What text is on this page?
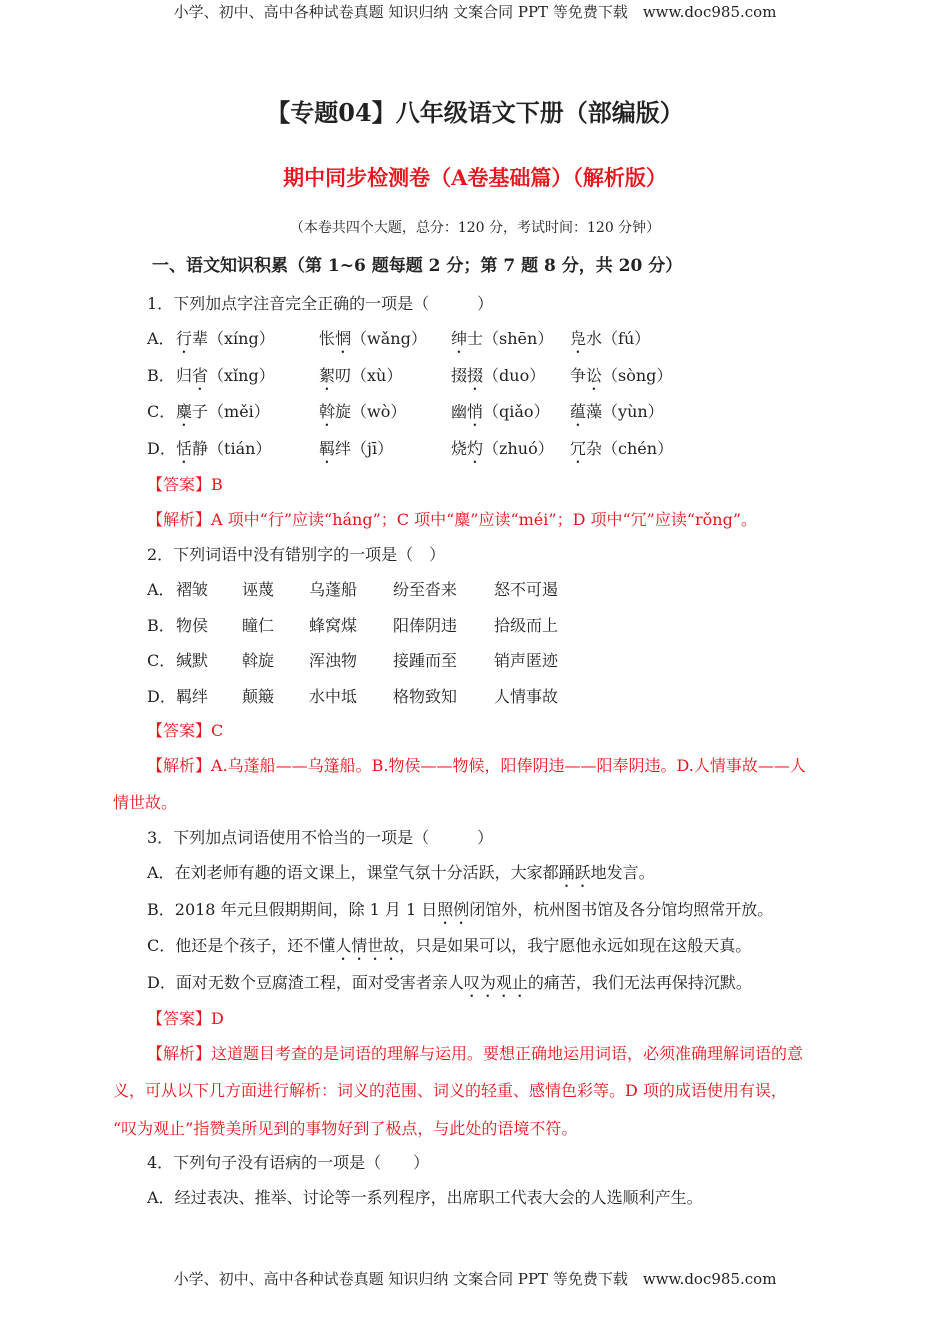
小学、初中、高中各种试卷真题 知识归纳 文案合同 PPT 等免费下载　www.doc985.com
【专题04】八年级语文下册（部编版）
期中同步检测卷（A卷基础篇）（解析版）
（本卷共四个大题，总分：120 分，考试时间：120 分钟）
一、语文知识积累（第 1~6 题每题 2 分；第 7 题 8 分，共 20 分）
1．下列加点字注音完全正确的一项是（　　　）
【答案】B
【解析】A 项中“行”应读“háng”；C 项中“麋”应读“méi”；D 项中“冗”应读“rǒng”。
2．下列词语中没有错别字的一项是（　）
【答案】C
【解析】A.乌蓬船——乌篷船。B.物侯——物候，阳俸阴违——阳奉阴违。D.人情事故——人
情世故。
3．下列加点词语使用不恰当的一项是（　　　）
【答案】D
【解析】这道题目考查的是词语的理解与运用。要想正确地运用词语，必须准确理解词语的意
义，可从以下几方面进行解析：词义的范围、词义的轻重、感情色彩等。D 项的成语使用有误，
“叹为观止”指赞美所见到的事物好到了极点，与此处的语境不符。
4．下列句子没有语病的一项是（　　）
A．经过表决、推举、讨论等一系列程序，出席职工代表大会的人选顺利产生。
小学、初中、高中各种试卷真题 知识归纳 文案合同 PPT 等免费下载　www.doc985.com
A． 行辈（xíng）	怅惘（wǎng） 绅士（shēn） 凫水（fú）
B． 归省（xǐng）	絮叨（xù）	掇掇（duo） 争讼（sòng）
C． 麋子（měi）	斡旋（wò）	幽悄（qiǎo） 蕴藻（yùn）
D． 恬静（tián）	羁绊（jī）	烧灼（zhuó） 冗杂（chén）
A． 褶皱 诬蔑 乌蓬船 纷至沓来 怒不可遏
B． 物侯 瞳仁 蜂窝煤 阳俸阴违 拾级而上
C． 缄默 斡旋 浑浊物 接踵而至 销声匿迹
D． 羁绊 颠簸 水中坻 格物致知 人情事故
A．在刘老师有趣的语文课上，课堂气氛十分活跃，大家都踊跃地发言。
B．2018 年元旦假期期间，除 1 月 1 日照例闭馆外，杭州图书馆及各分馆均照常开放。
C．他还是个孩子，还不懂人情世故，只是如果可以，我宁愿他永远如现在这般天真。
D．面对无数个豆腐渣工程，面对受害者亲人叹为观止的痛苦，我们无法再保持沉默。
